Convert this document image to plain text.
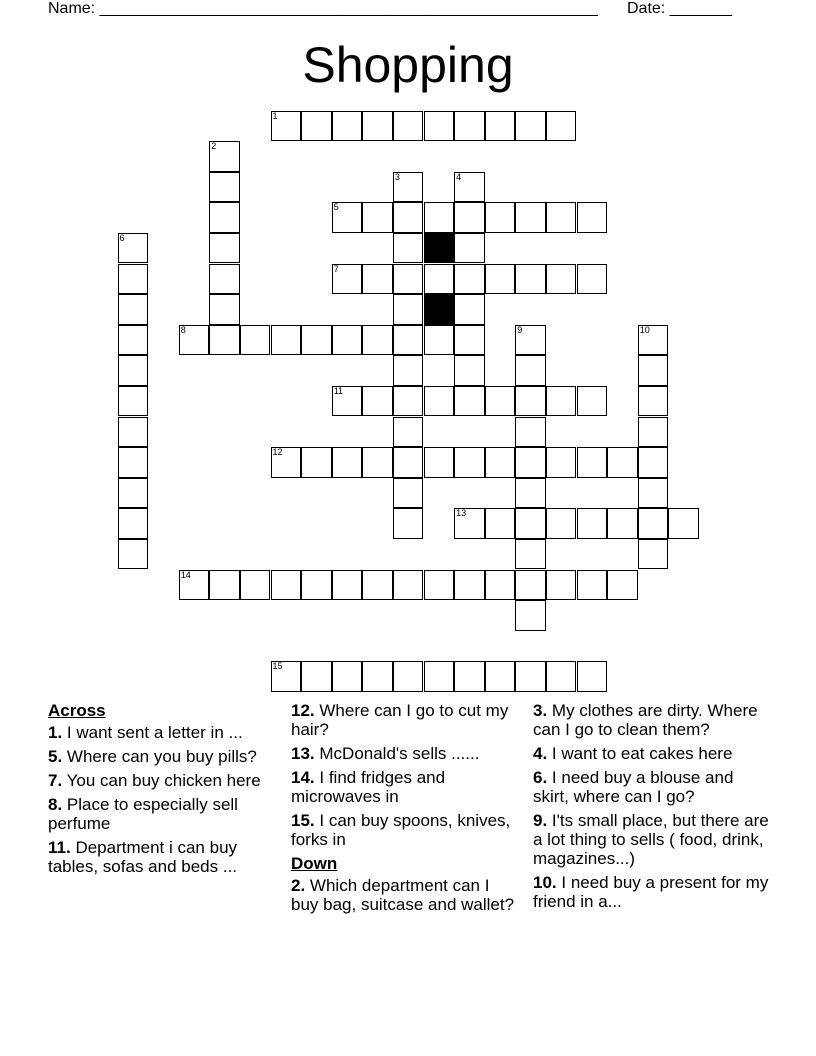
Name: ________________________________________________________ Date: _______
Shopping
1
2
3	4
5
6
7
8	9	10
11
12
13
14
15
Across
1. I want sent a letter in ...
5. Where can you buy pills?
7. You can buy chicken here
8. Place to especially sell perfume
11. Department i can buy tables, sofas and beds ...
12. Where can I go to cut my hair?
13. McDonald's sells ......
14. I find fridges and microwaves in
15. I can buy spoons, knives, forks in
Down
2. Which department can I buy bag, suitcase and wallet?
3. My clothes are dirty. Where can I go to clean them?
4. I want to eat cakes here
6. I need buy a blouse and skirt, where can I go?
9. I'ts small place, but there are a lot thing to sells ( food, drink, magazines...)
10. I need buy a present for my friend in a...
